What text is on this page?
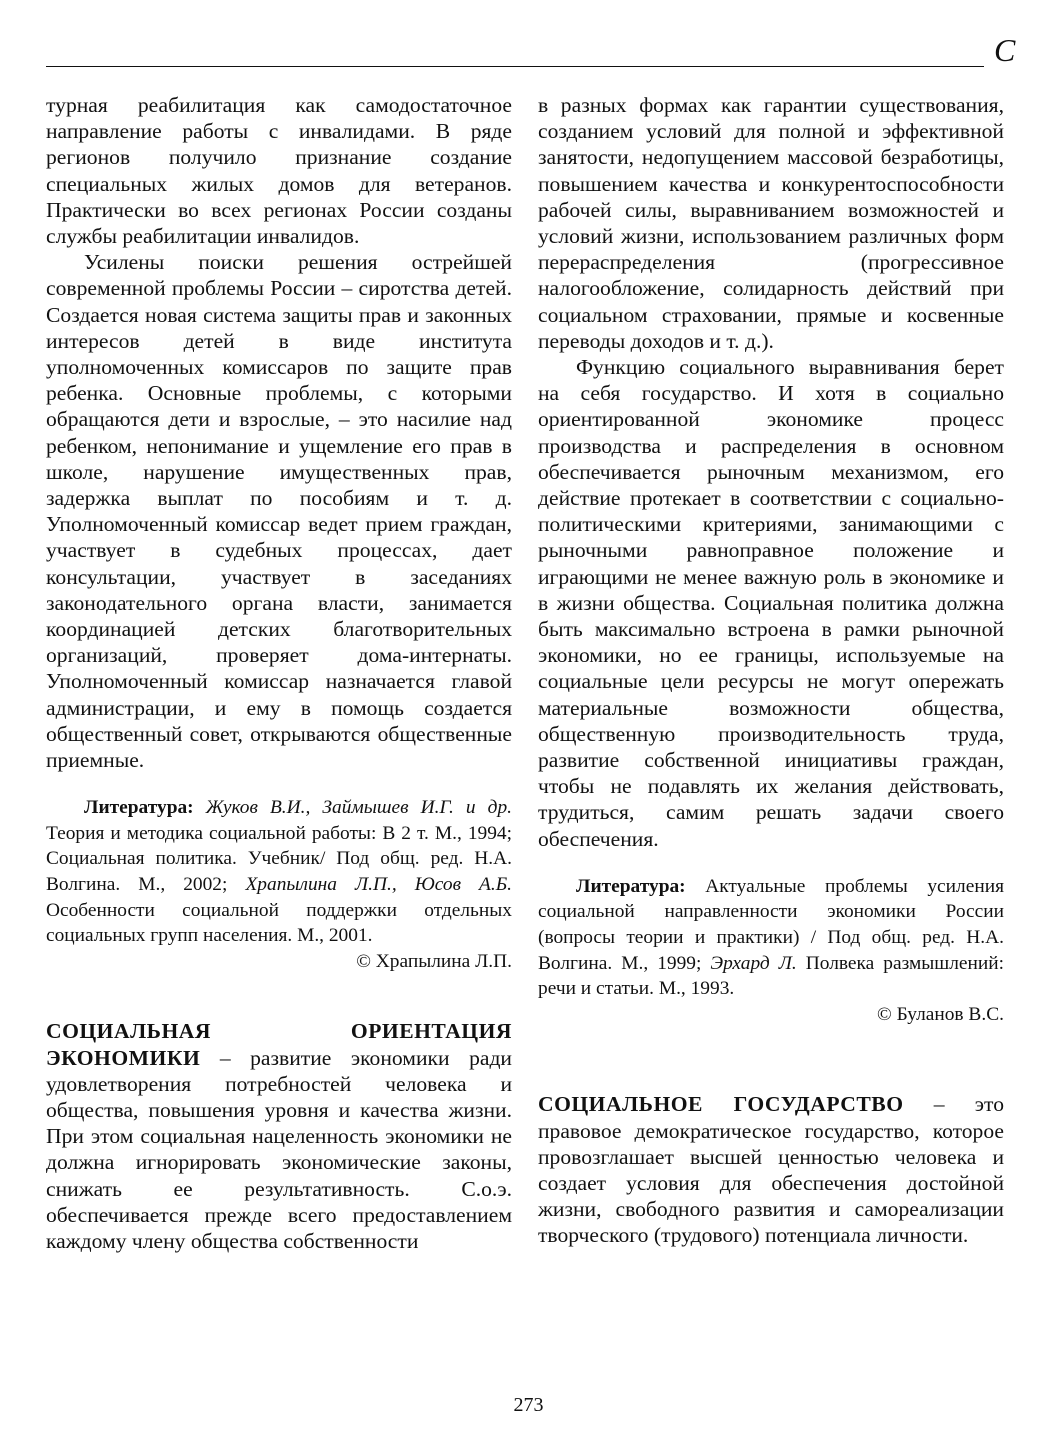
С

турная реабилитация как самодостаточное направление работы с инвалидами. В ряде регионов получило признание создание специальных жилых домов для ветеранов. Практически во всех регионах России созданы службы реабилитации инвалидов.

Усилены поиски решения острейшей современной проблемы России – сиротства детей. Создается новая система защиты прав и законных интересов детей в виде института уполномоченных комиссаров по защите прав ребенка. Основные проблемы, с которыми обращаются дети и взрослые, – это насилие над ребенком, непонимание и ущемление его прав в школе, нарушение имущественных прав, задержка выплат по пособиям и т. д. Уполномоченный комиссар ведет прием граждан, участвует в судебных процессах, дает консультации, участвует в заседаниях законодательного органа власти, занимается координацией детских благотворительных организаций, проверяет дома-интернаты. Уполномоченный комиссар назначается главой администрации, и ему в помощь создается общественный совет, открываются общественные приемные.

Литература: Жуков В.И., Займышев И.Г. и др. Теория и методика социальной работы: В 2 т. М., 1994; Социальная политика. Учебник/ Под общ. ред. Н.А. Волгина. М., 2002; Храпылина Л.П., Юсов А.Б. Особенности социальной поддержки отдельных социальных групп населения. М., 2001.

© Храпылина Л.П.

СОЦИАЛЬНАЯ ОРИЕНТАЦИЯ ЭКОНОМИКИ – развитие экономики ради удовлетворения потребностей человека и общества, повышения уровня и качества жизни. При этом социальная нацеленность экономики не должна игнорировать экономические законы, снижать ее результативность. С.о.э. обеспечивается прежде всего предоставлением каждому члену общества собственности

в разных формах как гарантии существования, созданием условий для полной и эффективной занятости, недопущением массовой безработицы, повышением качества и конкурентоспособности рабочей силы, выравниванием возможностей и условий жизни, использованием различных форм перераспределения (прогрессивное налогообложение, солидарность действий при социальном страховании, прямые и косвенные переводы доходов и т. д.).

Функцию социального выравнивания берет на себя государство. И хотя в социально ориентированной экономике процесс производства и распределения в основном обеспечивается рыночным механизмом, его действие протекает в соответствии с социально-политическими критериями, занимающими с рыночными равноправное положение и играющими не менее важную роль в экономике и в жизни общества. Социальная политика должна быть максимально встроена в рамки рыночной экономики, но ее границы, используемые на социальные цели ресурсы не могут опережать материальные возможности общества, общественную производительность труда, развитие собственной инициативы граждан, чтобы не подавлять их желания действовать, трудиться, самим решать задачи своего обеспечения.

Литература: Актуальные проблемы усиления социальной направленности экономики России (вопросы теории и практики) / Под общ. ред. Н.А. Волгина. М., 1999; Эрхард Л. Полвека размышлений: речи и статьи. М., 1993.

© Буланов В.С.

СОЦИАЛЬНОЕ ГОСУДАРСТВО – это правовое демократическое государство, которое провозглашает высшей ценностью человека и создает условия для обеспечения достойной жизни, свободного развития и самореализации творческого (трудового) потенциала личности.

273
